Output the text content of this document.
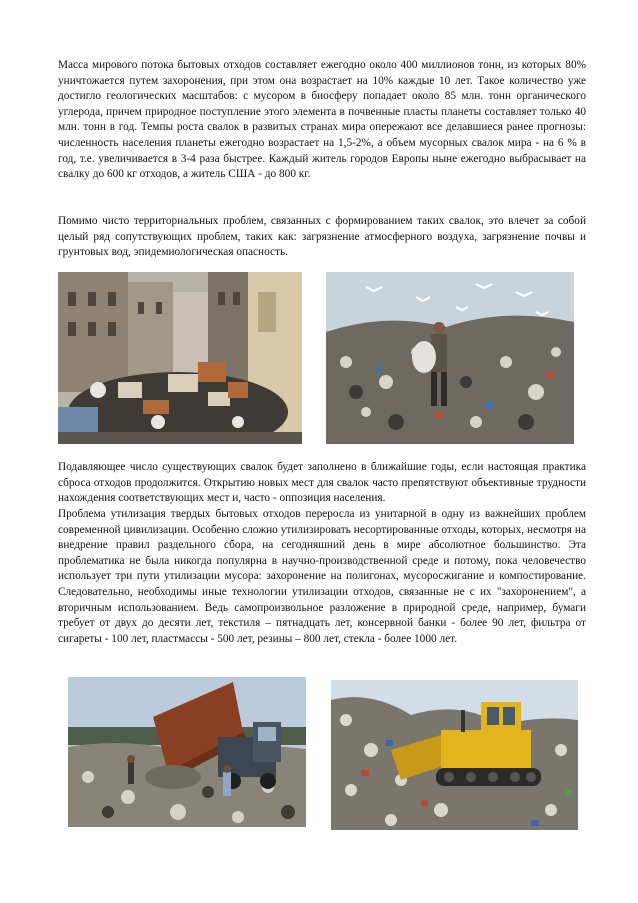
Масса мирового потока бытовых отходов составляет ежегодно около 400 миллионов тонн, из которых 80% уничтожается путем захоронения, при этом она возрастает на 10% каждые 10 лет. Такое количество уже достигло геологических масштабов: с мусором в биосферу попадает около 85 млн. тонн органического углерода, причем природное поступление этого элемента в почвенные пласты планеты составляет только 40 млн. тонн в год. Темпы роста свалок в развитых странах мира опережают все делавшиеся ранее прогнозы: численность населения планеты ежегодно возрастает на 1,5-2%, а объем мусорных свалок мира - на 6 % в год, т.е. увеличивается в 3-4 раза быстрее. Каждый житель городов Европы ныне ежегодно выбрасывает на свалку до 600 кг отходов, а житель США - до 800 кг.

Помимо чисто территориальных проблем, связанных с формированием таких свалок, это влечет за собой целый ряд сопутствующих проблем, таких как: загрязнение атмосферного воздуха, загрязнение почвы и грунтовых вод, эпидемиологическая опасность.

Подавляющее число существующих свалок будет заполнено в ближайшие годы, если настоящая практика сброса отходов продолжится. Открытию новых мест для свалок часто препятствуют объективные трудности нахождения соответствующих мест и, часто - оппозиция населения.

Проблема утилизация твердых бытовых отходов переросла из унитарной в одну из важнейших проблем современной цивилизации. Особенно сложно утилизировать несортированные отходы, которых, несмотря на внедрение правил раздельного сбора, на сегодняшний день в мире абсолютное большинство. Эта проблематика не была никогда популярна в научно-производственной среде и потому, пока человечество использует три пути утилизации мусора: захоронение на полигонах, мусоросжигание и компостирование. Следовательно, необходимы иные технологии утилизации отходов, связанные не с их "захоронением", а вторичным использованием. Ведь самопроизвольное разложение в природной среде, например, бумаги требует от двух до десяти лет, текстиля – пятнадцать лет, консервной банки - более 90 лет, фильтра от сигареты - 100 лет, пластмассы - 500 лет, резины – 800 лет, стекла - более 1000 лет.
